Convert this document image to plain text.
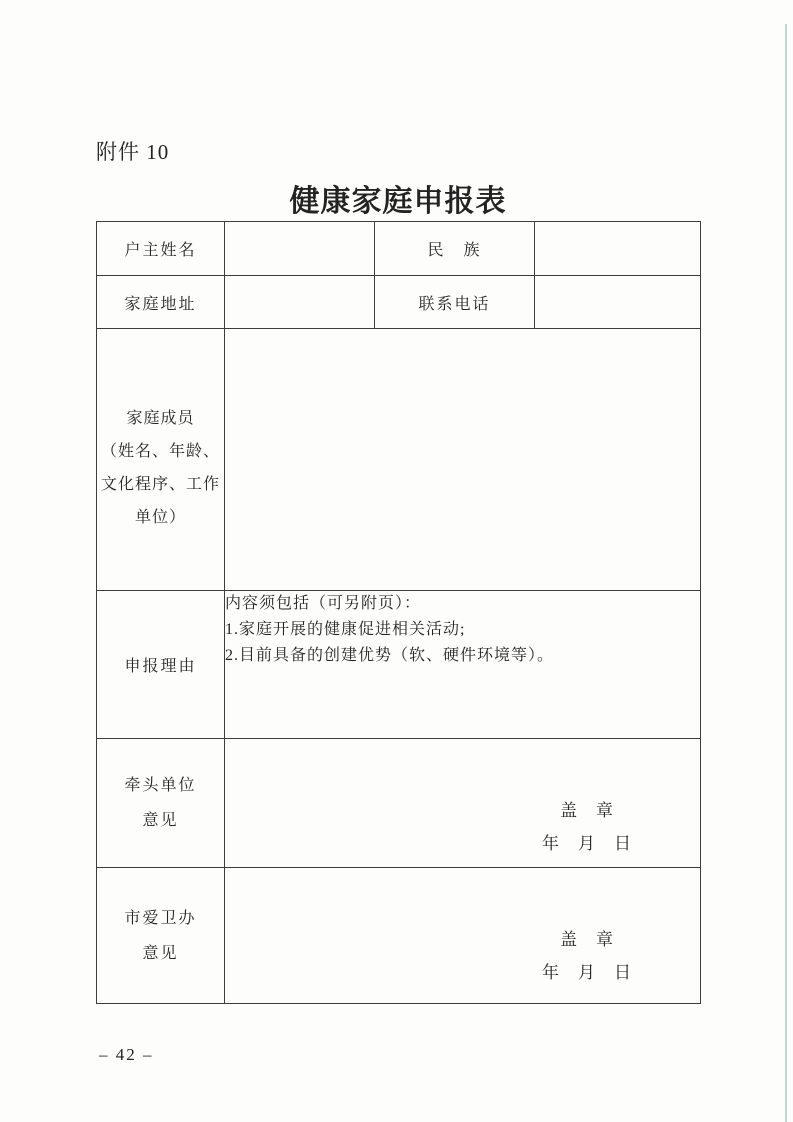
附件 10
健康家庭申报表
户主姓名		民　族	
家庭地址		联系电话	

家庭成员
（姓名、年龄、
文化程序、工作
单位）			

申报理由	内容须包括（可另附页）：
1.家庭开展的健康促进相关活动;
2.目前具备的创建优势（软、硬件环境等）。		

牵头单位
意见

盖　章
年　月　日

市爱卫办
意见

盖　章
年　月　日
– 42 –
